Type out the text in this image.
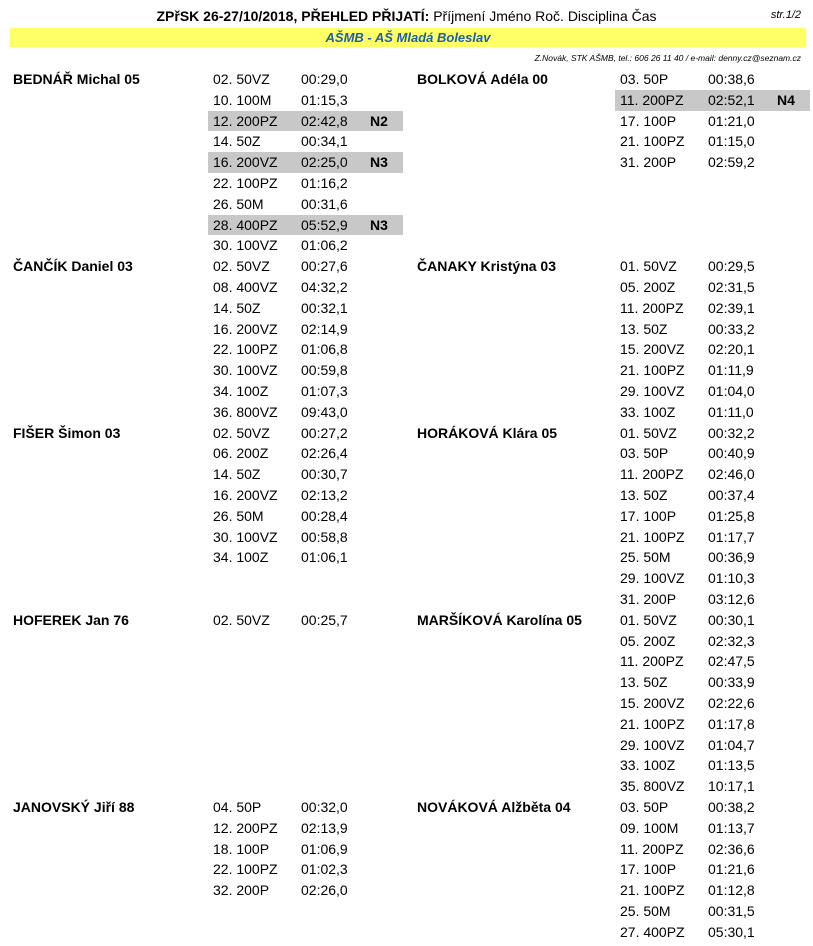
ZPřSK 26-27/10/2018, PŘEHLED PŘIJATÍ: Příjmení Jméno Roč. Disciplina Čas	str.1/2
AŠMB - AŠ Mladá Boleslav
Z.Novák, STK AŠMB, tel.: 606 26 11 40 / e-mail: denny.cz@seznam.cz
BEDNÁŘ Michal 05	02. 50VZ 00:29,0
10. 100M 01:15,3
12. 200PZ 02:42,8 N2
14. 50Z	00:34,1
16. 200VZ 02:25,0 N3
22. 100PZ 01:16,2
26. 50M	00:31,6
28. 400PZ 05:52,9 N3
30. 100VZ 01:06,2
ČANČÍK Daniel 03	02. 50VZ 00:27,6
08. 400VZ 04:32,2
14. 50Z	00:32,1
16. 200VZ 02:14,9
22. 100PZ 01:06,8
30. 100VZ 00:59,8
34. 100Z 01:07,3
36. 800VZ 09:43,0
FIŠER Šimon 03	02. 50VZ 00:27,2
06. 200Z 02:26,4
14. 50Z	00:30,7
16. 200VZ 02:13,2
26. 50M	00:28,4
30. 100VZ 00:58,8
34. 100Z 01:06,1
HOFEREK Jan 76	02. 50VZ 00:25,7
JANOVSKÝ Jiří 88	04. 50P	00:32,0
12. 200PZ 02:13,9
18. 100P 01:06,9
22. 100PZ 01:02,3
32. 200P 02:26,0
BOLKOVÁ Adéla 00	03. 50P	00:38,6
11. 200PZ 02:52,1 N4
17. 100P 01:21,0
21. 100PZ 01:15,0
31. 200P 02:59,2
ČANAKY Kristýna 03	01. 50VZ 00:29,5
05. 200Z 02:31,5
11. 200PZ 02:39,1
13. 50Z	00:33,2
15. 200VZ 02:20,1
21. 100PZ 01:11,9
29. 100VZ 01:04,0
33. 100Z 01:11,0
HORÁKOVÁ Klára 05	01. 50VZ 00:32,2
03. 50P	00:40,9
11. 200PZ 02:46,0
13. 50Z	00:37,4
17. 100P 01:25,8
21. 100PZ 01:17,7
25. 50M	00:36,9
29. 100VZ 01:10,3
31. 200P 03:12,6
MARŠÍKOVÁ Karolína 05	01. 50VZ 00:30,1
05. 200Z 02:32,3
11. 200PZ 02:47,5
13. 50Z	00:33,9
15. 200VZ 02:22,6
21. 100PZ 01:17,8
29. 100VZ 01:04,7
33. 100Z 01:13,5
35. 800VZ 10:17,1
NOVÁKOVÁ Alžběta 04	03. 50P	00:38,2
09. 100M 01:13,7
11. 200PZ 02:36,6
17. 100P 01:21,6
21. 100PZ 01:12,8
25. 50M	00:31,5
27. 400PZ 05:30,1
